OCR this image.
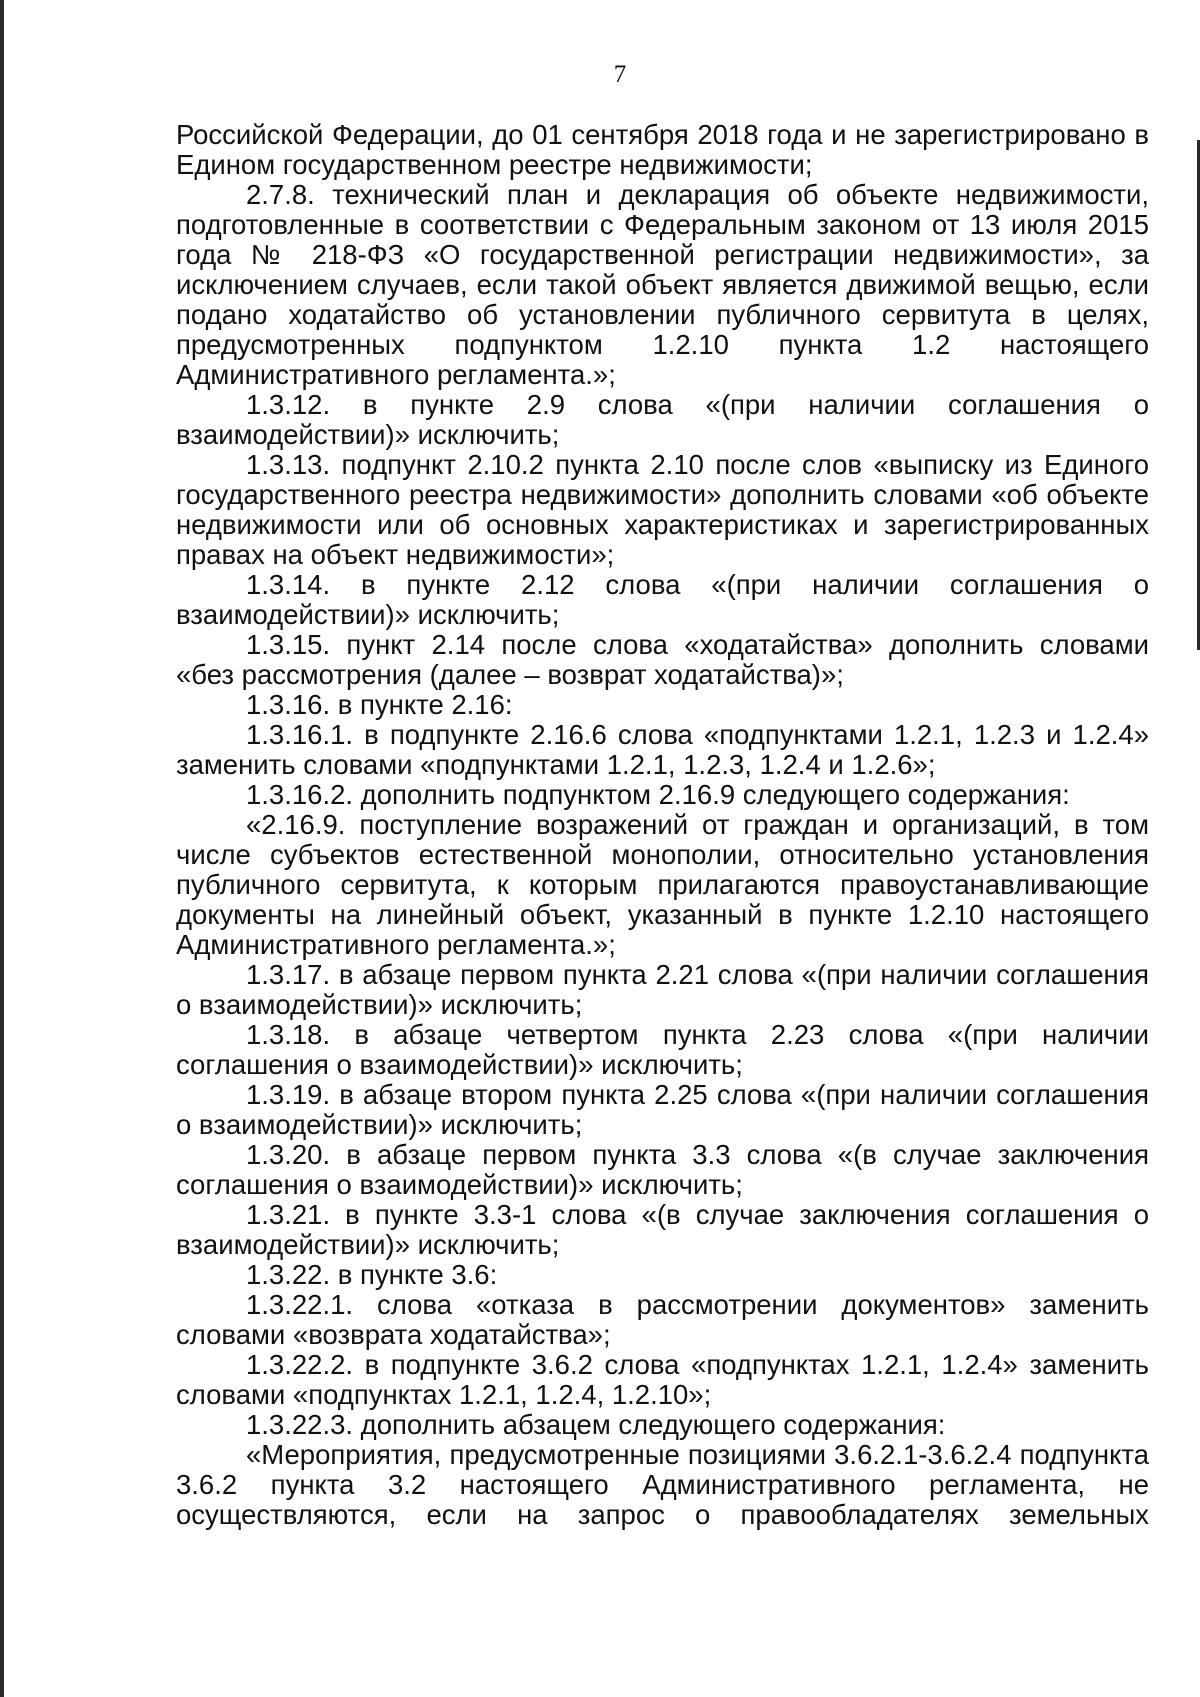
7

Российской Федерации, до 01 сентября 2018 года и не зарегистрировано в Едином государственном реестре недвижимости;

2.7.8. технический план и декларация об объекте недвижимости, подготовленные в соответствии с Федеральным законом от 13 июля 2015 года № 218-ФЗ «О государственной регистрации недвижимости», за исключением случаев, если такой объект является движимой вещью, если подано ходатайство об установлении публичного сервитута в целях, предусмотренных подпунктом 1.2.10 пункта 1.2 настоящего Административного регламента.»;

1.3.12. в пункте 2.9 слова «(при наличии соглашения о взаимодействии)» исключить;

1.3.13. подпункт 2.10.2 пункта 2.10 после слов «выписку из Единого государственного реестра недвижимости» дополнить словами «об объекте недвижимости или об основных характеристиках и зарегистрированных правах на объект недвижимости»;

1.3.14. в пункте 2.12 слова «(при наличии соглашения о взаимодействии)» исключить;

1.3.15. пункт 2.14 после слова «ходатайства» дополнить словами «без рассмотрения (далее – возврат ходатайства)»;

1.3.16. в пункте 2.16:

1.3.16.1. в подпункте 2.16.6 слова «подпунктами 1.2.1, 1.2.3 и 1.2.4» заменить словами «подпунктами 1.2.1, 1.2.3, 1.2.4 и 1.2.6»;

1.3.16.2. дополнить подпунктом 2.16.9 следующего содержания:

«2.16.9. поступление возражений от граждан и организаций, в том числе субъектов естественной монополии, относительно установления публичного сервитута, к которым прилагаются правоустанавливающие документы на линейный объект, указанный в пункте 1.2.10 настоящего Административного регламента.»;

1.3.17. в абзаце первом пункта 2.21 слова «(при наличии соглашения о взаимодействии)» исключить;

1.3.18. в абзаце четвертом пункта 2.23 слова «(при наличии соглашения о взаимодействии)» исключить;

1.3.19. в абзаце втором пункта 2.25 слова «(при наличии соглашения о взаимодействии)» исключить;

1.3.20. в абзаце первом пункта 3.3 слова «(в случае заключения соглашения о взаимодействии)» исключить;

1.3.21. в пункте 3.3-1 слова «(в случае заключения соглашения о взаимодействии)» исключить;

1.3.22. в пункте 3.6:

1.3.22.1. слова «отказа в рассмотрении документов» заменить словами «возврата ходатайства»;

1.3.22.2. в подпункте 3.6.2 слова «подпунктах 1.2.1, 1.2.4» заменить словами «подпунктах 1.2.1, 1.2.4, 1.2.10»;

1.3.22.3. дополнить абзацем следующего содержания:

«Мероприятия, предусмотренные позициями 3.6.2.1-3.6.2.4 подпункта 3.6.2 пункта 3.2 настоящего Административного регламента, не осуществляются, если на запрос о правообладателях земельных
